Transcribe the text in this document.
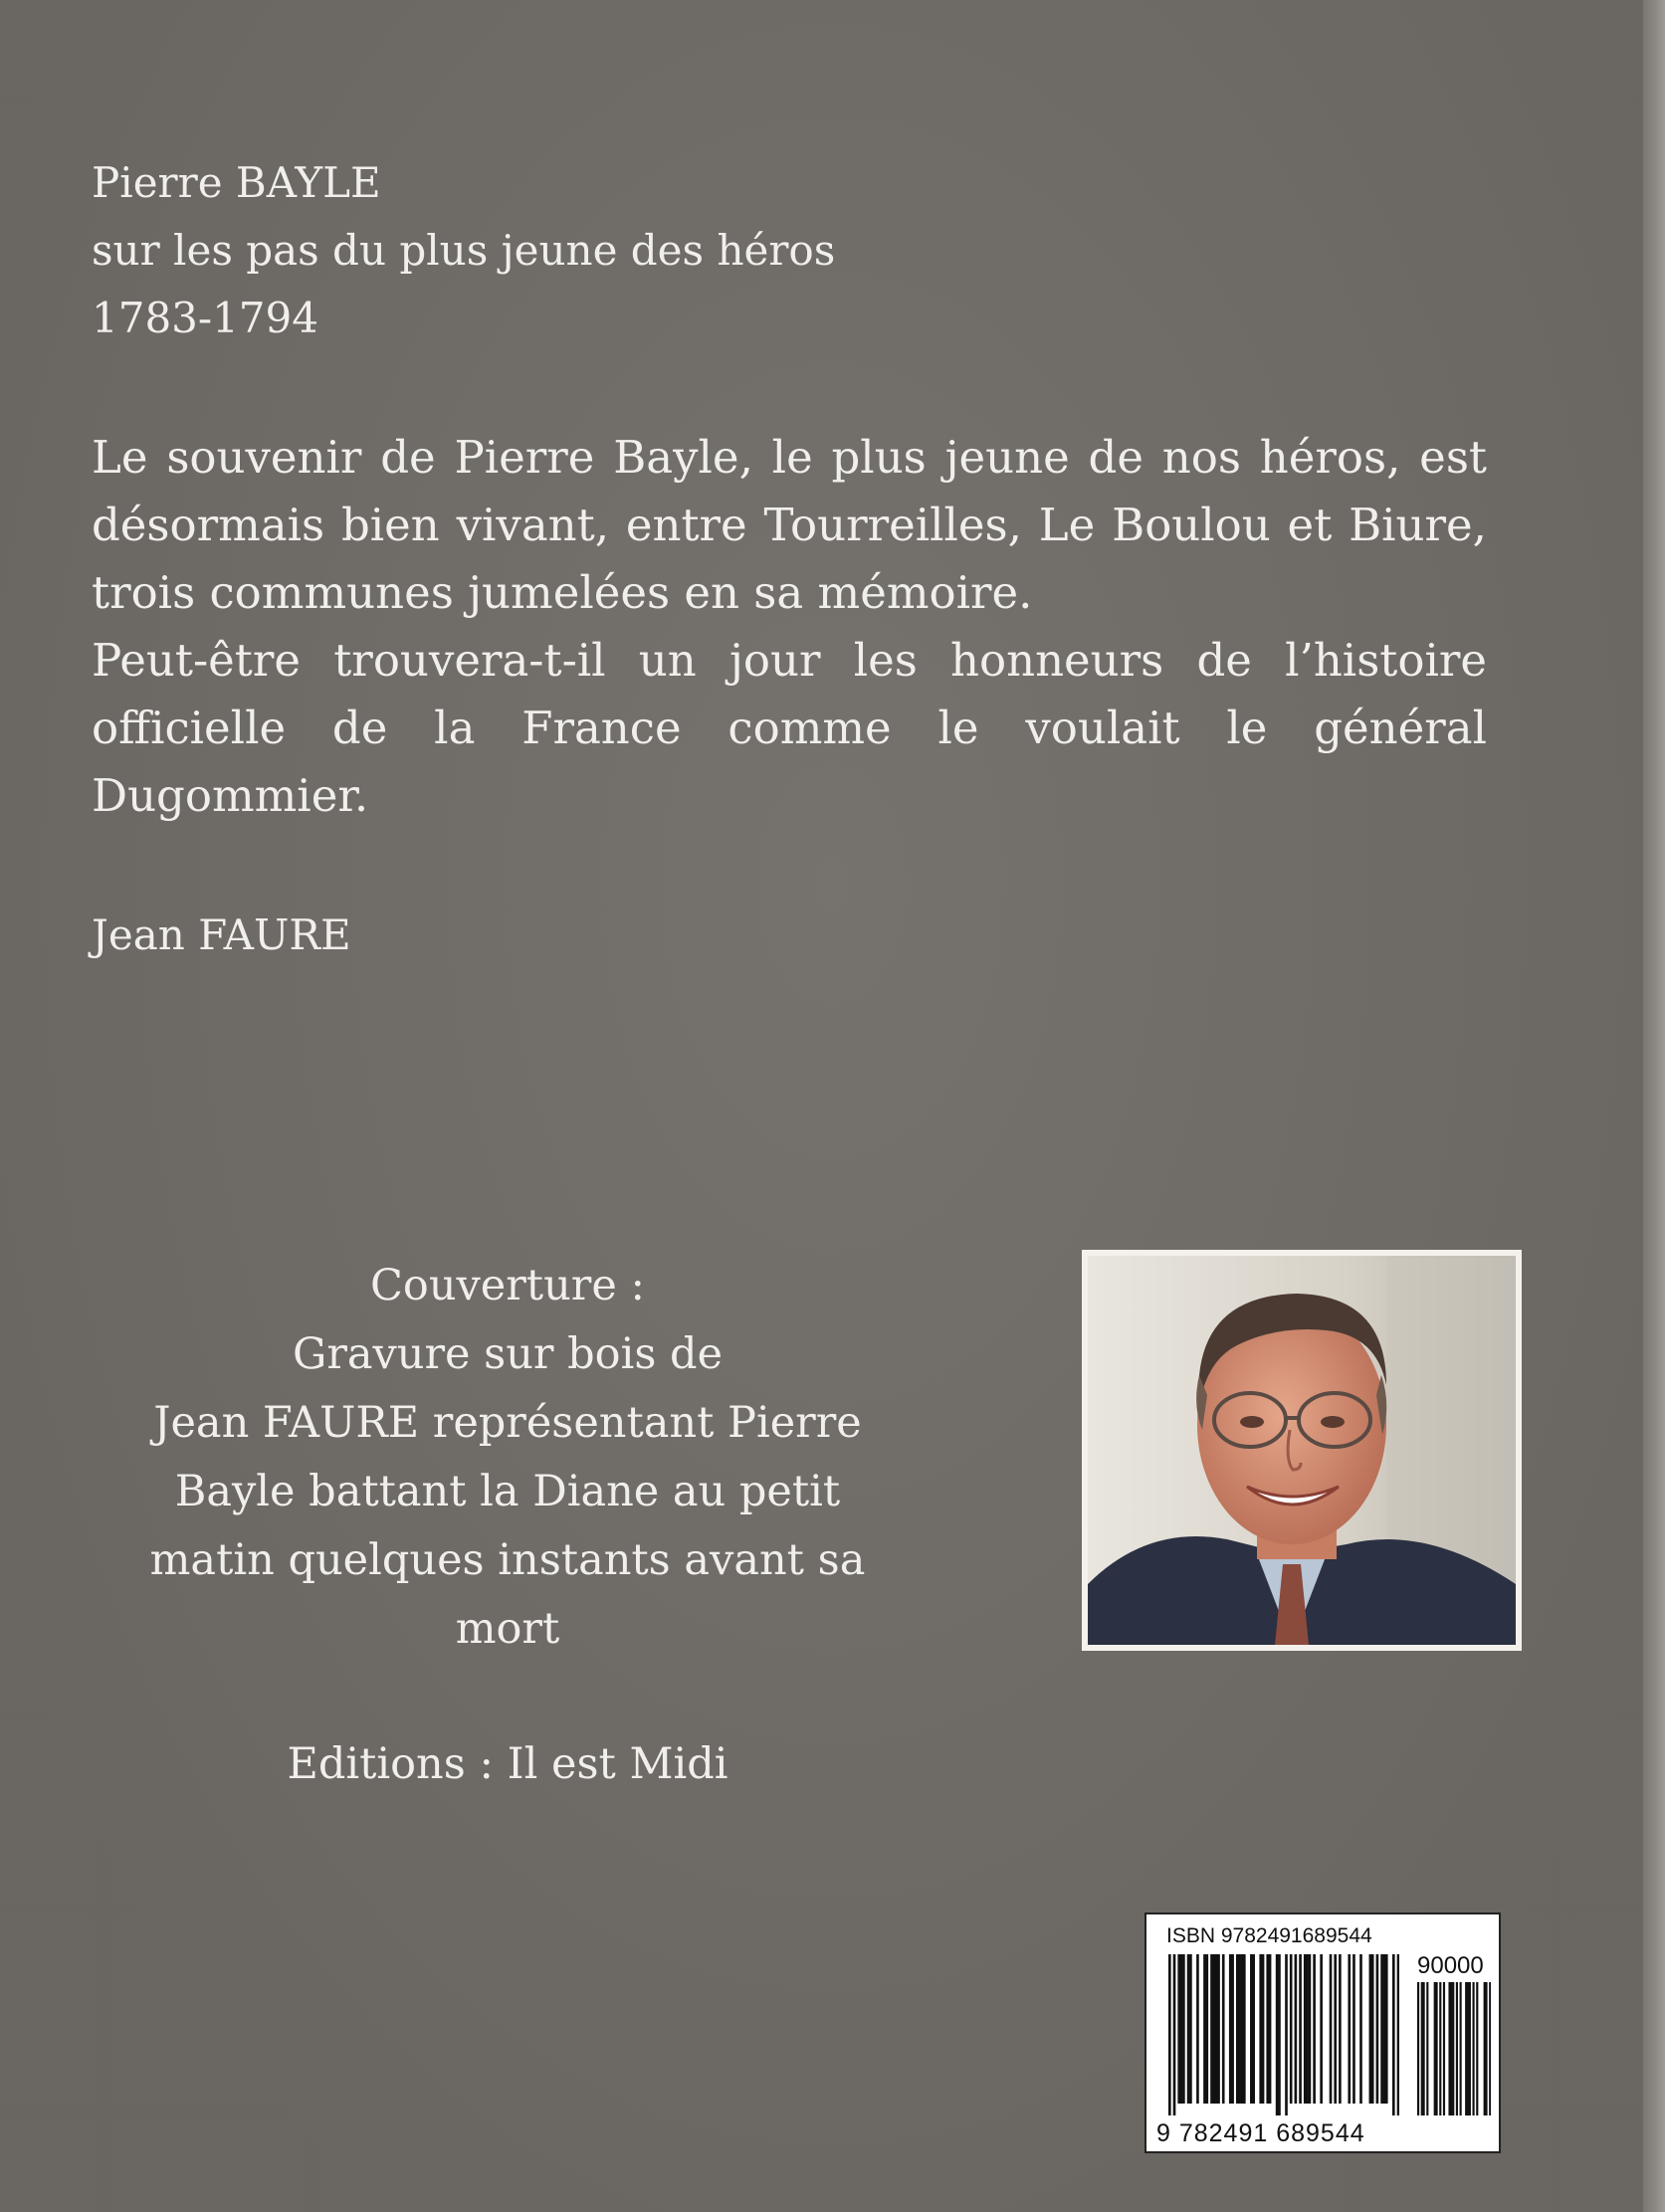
Pierre BAYLE
sur les pas du plus jeune des héros
1783-1794

Le souvenir de Pierre Bayle, le plus jeune de nos héros, est désormais bien vivant, entre Tourreilles, Le Boulou et Biure, trois communes jumelées en sa mémoire.

Peut-être trouvera-t-il un jour les honneurs de l’histoire officielle de la France comme le voulait le général Dugommier.

Jean FAURE
Couverture :
Gravure sur bois de
Jean FAURE représentant Pierre
Bayle battant la Diane au petit
matin quelques instants avant sa
mort
Editions : Il est Midi
ISBN 9782491689544
90000
9 782491 689544
